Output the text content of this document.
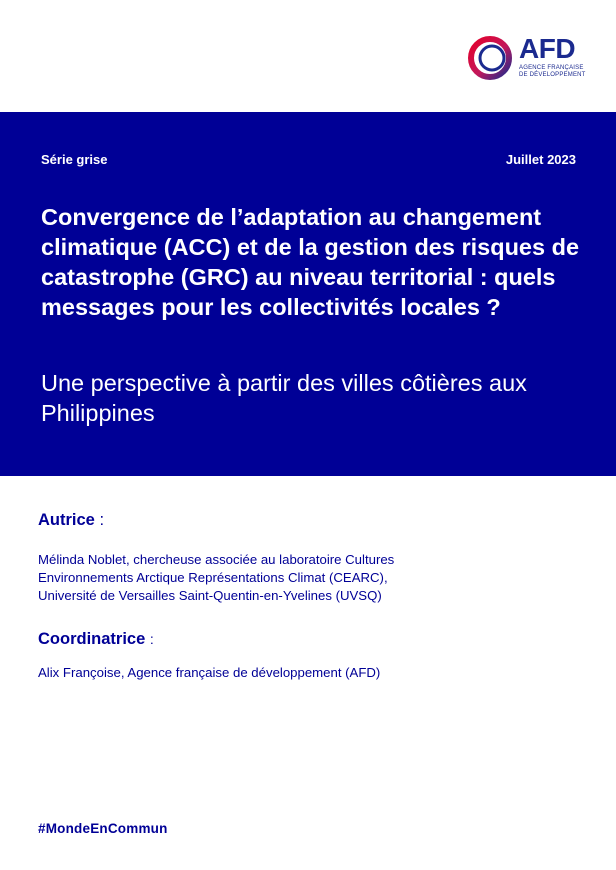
AFD
AGENCE FRANÇAISE DE DÉVELOPPEMENT
Série grise	Juillet 2023
Convergence de l’adaptation au changement climatique (ACC) et de la gestion des risques de catastrophe (GRC) au niveau territorial : quels messages pour les collectivités locales ?

Une perspective à partir des villes côtières aux Philippines

Autrice :
Mélinda Noblet, chercheuse associée au laboratoire Cultures
Environnements Arctique Représentations Climat (CEARC),
Université de Versailles Saint-Quentin-en-Yvelines (UVSQ)
Coordinatrice :
Alix Françoise, Agence française de développement (AFD)
#MondeEnCommun
